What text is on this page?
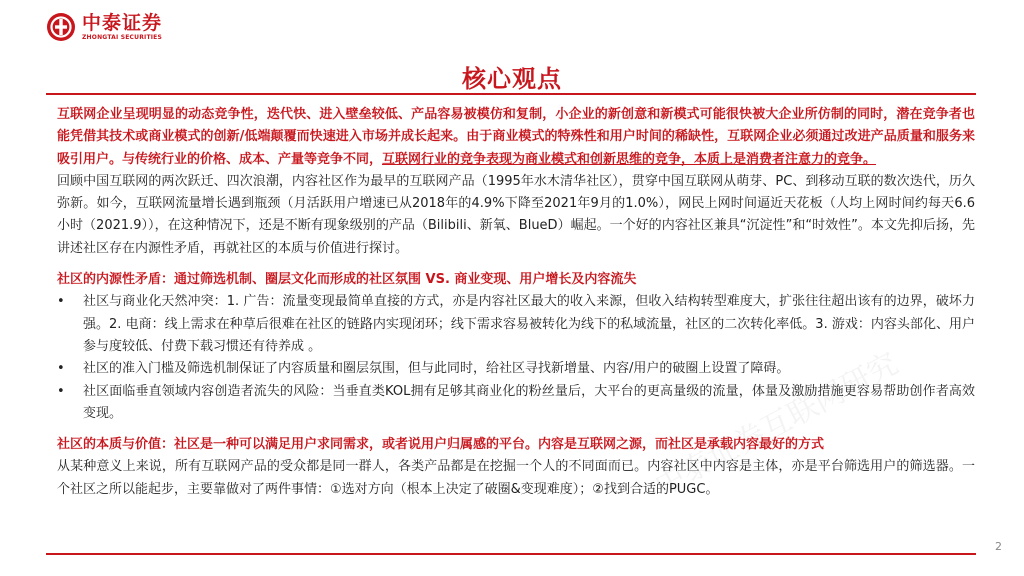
中泰证券
ZHONGTAI SECURITIES
核心观点
中泰证券互联网研究

互联网企业呈现明显的动态竞争性，迭代快、进入壁垒较低、产品容易被模仿和复制，小企业的新创意和新模式可能很快被大企业所仿制的同时，潜在竞争者也能凭借其技术或商业模式的创新/低端颠覆而快速进入市场并成长起来。由于商业模式的特殊性和用户时间的稀缺性，互联网企业必须通过改进产品质量和服务来吸引用户。与传统行业的价格、成本、产量等竞争不同，互联网行业的竞争表现为商业模式和创新思维的竞争，本质上是消费者注意力的竞争。

回顾中国互联网的两次跃迁、四次浪潮，内容社区作为最早的互联网产品（1995年水木清华社区），贯穿中国互联网从萌芽、PC、到移动互联的数次迭代，历久弥新。如今，互联网流量增长遇到瓶颈（月活跃用户增速已从2018年的4.9%下降至2021年9月的1.0%），网民上网时间逼近天花板（人均上网时间约每天6.6小时（2021.9）），在这种情况下，还是不断有现象级别的产品（Bilibili、新氧、BlueD）崛起。一个好的内容社区兼具“沉淀性”和“时效性”。本文先抑后扬，先讲述社区存在内源性矛盾，再就社区的本质与价值进行探讨。

社区的内源性矛盾：通过筛选机制、圈层文化而形成的社区氛围 VS. 商业变现、用户增长及内容流失

• 社区与商业化天然冲突：1. 广告：流量变现最简单直接的方式，亦是内容社区最大的收入来源，但收入结构转型难度大，扩张往往超出该有的边界，破坏力强。2. 电商：线上需求在种草后很难在社区的链路内实现闭环；线下需求容易被转化为线下的私域流量，社区的二次转化率低。3. 游戏：内容头部化、用户参与度较低、付费下载习惯还有待养成 。
• 社区的准入门槛及筛选机制保证了内容质量和圈层氛围，但与此同时，给社区寻找新增量、内容/用户的破圈上设置了障碍。
• 社区面临垂直领域内容创造者流失的风险：当垂直类KOL拥有足够其商业化的粉丝量后，大平台的更高量级的流量，体量及激励措施更容易帮助创作者高效变现。

社区的本质与价值：社区是一种可以满足用户求同需求，或者说用户归属感的平台。内容是互联网之源，而社区是承载内容最好的方式

从某种意义上来说，所有互联网产品的受众都是同一群人，各类产品都是在挖掘一个人的不同面而已。内容社区中内容是主体，亦是平台筛选用户的筛选器。一个社区之所以能起步，主要靠做对了两件事情：①选对方向（根本上决定了破圈&变现难度）；②找到合适的PUGC。

2
